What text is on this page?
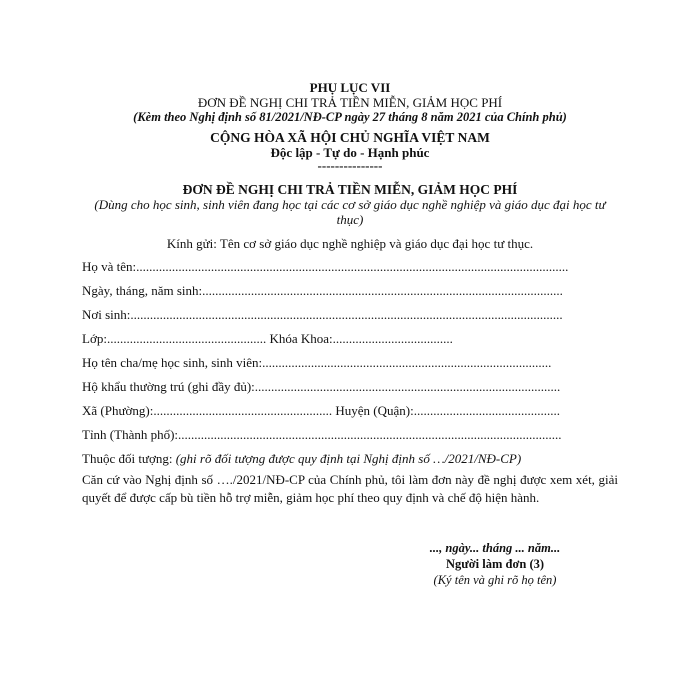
PHỤ LỤC VII
ĐƠN ĐỀ NGHỊ CHI TRẢ TIỀN MIỄN, GIẢM HỌC PHÍ
(Kèm theo Nghị định số 81/2021/NĐ-CP ngày 27 tháng 8 năm 2021 của Chính phủ)
CỘNG HÒA XÃ HỘI CHỦ NGHĨA VIỆT NAM
Độc lập - Tự do - Hạnh phúc
---------------
ĐƠN ĐỀ NGHỊ CHI TRẢ TIỀN MIỄN, GIẢM HỌC PHÍ
(Dùng cho học sinh, sinh viên đang học tại các cơ sở giáo dục nghề nghiệp và giáo dục đại học tư thục)
Kính gửi: Tên cơ sở giáo dục nghề nghiệp và giáo dục đại học tư thục.
Họ và tên:.....................................................................................................................................
Ngày, tháng, năm sinh:...............................................................................................................
Nơi sinh:.....................................................................................................................................
Lớp:................................................. Khóa Khoa:.....................................
Họ tên cha/mẹ học sinh, sinh viên:.........................................................................................
Hộ khẩu thường trú (ghi đầy đủ):..............................................................................................
Xã (Phường):....................................................... Huyện (Quận):.............................................
Tỉnh (Thành phố):......................................................................................................................
Thuộc đối tượng: (ghi rõ đối tượng được quy định tại Nghị định số …/2021/NĐ-CP)
Căn cứ vào Nghị định số …./2021/NĐ-CP của Chính phủ, tôi làm đơn này đề nghị được xem xét, giải quyết để được cấp bù tiền hỗ trợ miễn, giảm học phí theo quy định và chế độ hiện hành.
..., ngày... tháng ... năm...
Người làm đơn (3)
(Ký tên và ghi rõ họ tên)
